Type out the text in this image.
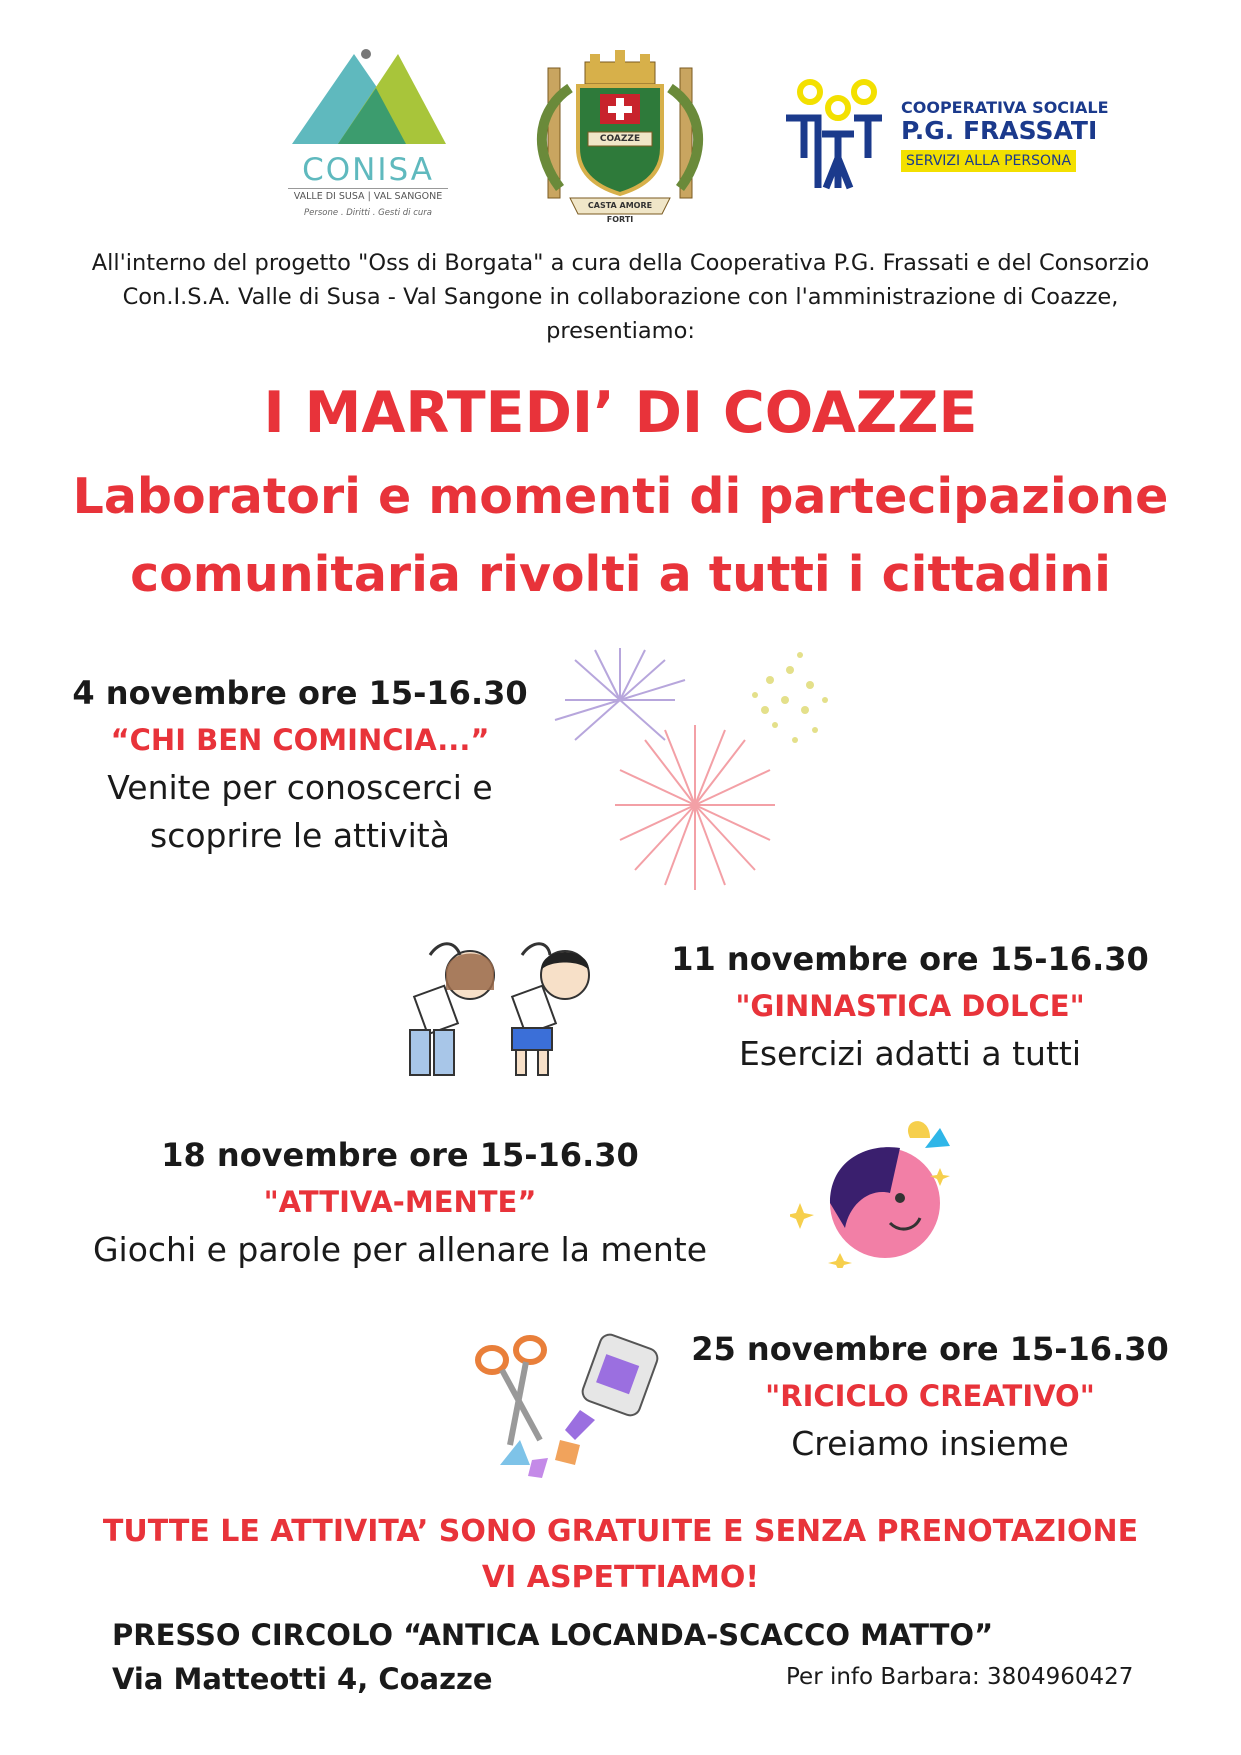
CONISA
VALLE DI SUSA | VAL SANGONE
Persone . Diritti . Gesti di cura
COAZZE
CASTA AMORE FORTI
COOPERATIVA SOCIALE
P.G. FRASSATI
SERVIZI ALLA PERSONA
All'interno del progetto "Oss di Borgata" a cura della Cooperativa P.G. Frassati e del Consorzio
Con.I.S.A. Valle di Susa - Val Sangone in collaborazione con l'amministrazione di Coazze,
presentiamo:
I MARTEDI’ DI COAZZE
Laboratori e momenti di partecipazione
comunitaria rivolti a tutti i cittadini
4 novembre ore 15-16.30
“CHI BEN COMINCIA...”
Venite per conoscerci e
scoprire le attività
11 novembre ore 15-16.30
"GINNASTICA DOLCE"
Esercizi adatti a tutti
18 novembre ore 15-16.30
"ATTIVA-MENTE”
Giochi e parole per allenare la mente
25 novembre ore 15-16.30
"RICICLO CREATIVO"
Creiamo insieme
TUTTE LE ATTIVITA’ SONO GRATUITE E SENZA PRENOTAZIONE
VI ASPETTIAMO!
PRESSO CIRCOLO “ANTICA LOCANDA-SCACCO MATTO”
Via Matteotti 4, Coazze	Per info Barbara: 3804960427
